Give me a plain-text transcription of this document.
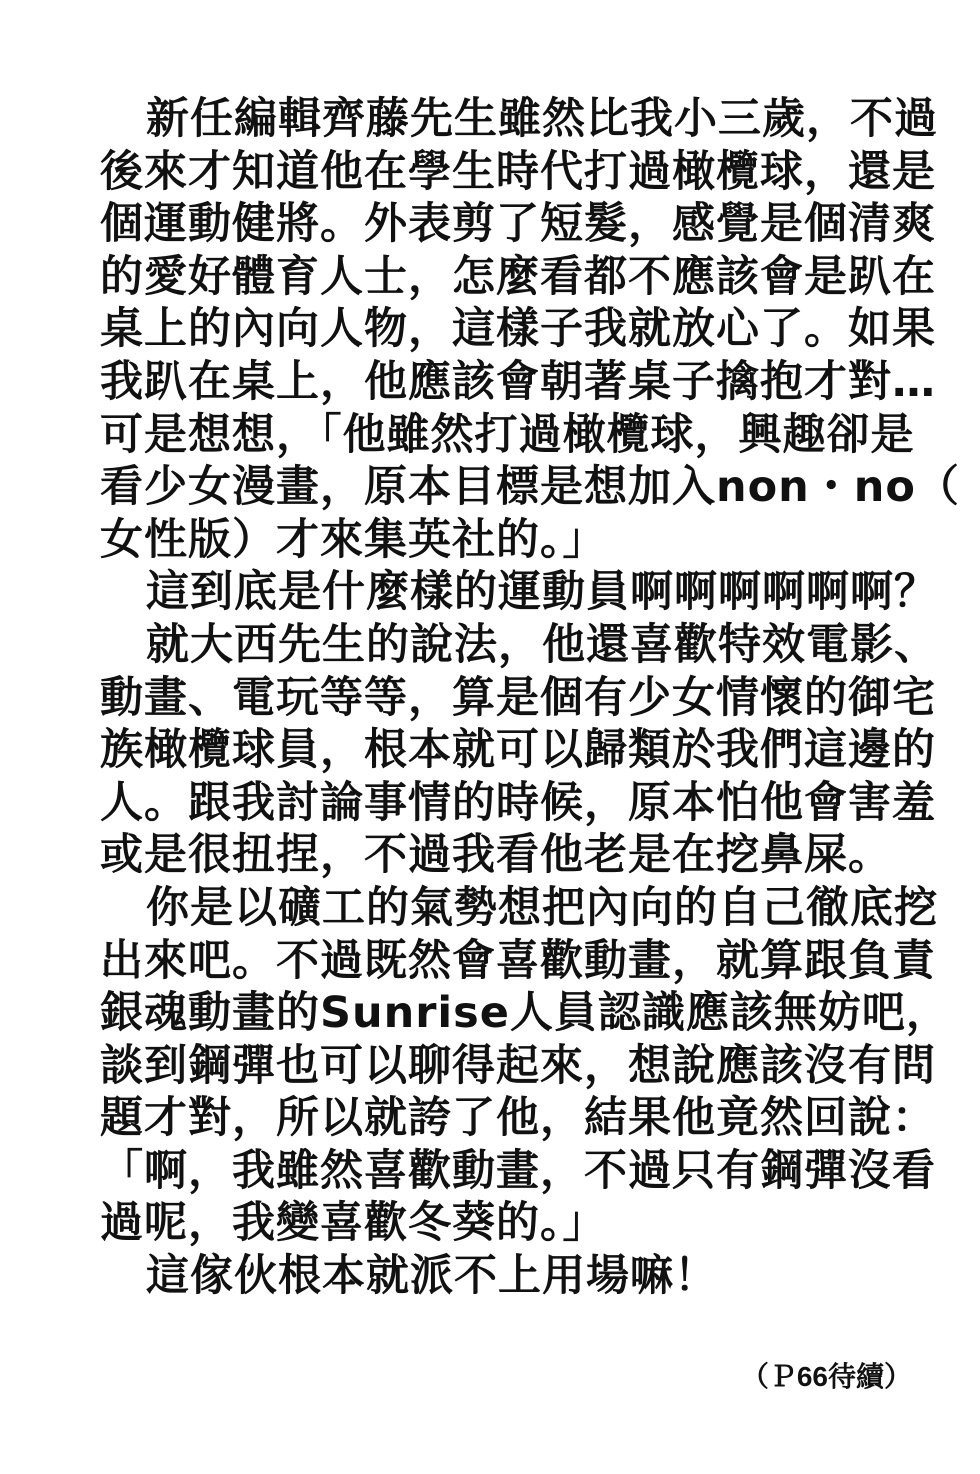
新任編輯齊藤先生雖然比我小三歲，不過
後來才知道他在學生時代打過橄欖球，還是
個運動健將。外表剪了短髮，感覺是個清爽
的愛好體育人士，怎麼看都不應該會是趴在
桌上的內向人物，這樣子我就放心了。如果
我趴在桌上，他應該會朝著桌子擒抱才對…
可是想想，「他雖然打過橄欖球，興趣卻是
看少女漫畫，原本目標是想加入non・no（
女性版）才來集英社的。」
這到底是什麼樣的運動員啊啊啊啊啊啊？
就大西先生的說法，他還喜歡特效電影、
動畫、電玩等等，算是個有少女情懷的御宅
族橄欖球員，根本就可以歸類於我們這邊的
人。跟我討論事情的時候，原本怕他會害羞
或是很扭捏，不過我看他老是在挖鼻屎。
你是以礦工的氣勢想把內向的自己徹底挖
出來吧。不過既然會喜歡動畫，就算跟負責
銀魂動畫的Sunrise人員認識應該無妨吧，
談到鋼彈也可以聊得起來，想說應該沒有問
題才對，所以就誇了他，結果他竟然回說：
「啊，我雖然喜歡動畫，不過只有鋼彈沒看
過呢，我變喜歡冬葵的。」
這傢伙根本就派不上用場嘛！
（Ｐ66待續）
